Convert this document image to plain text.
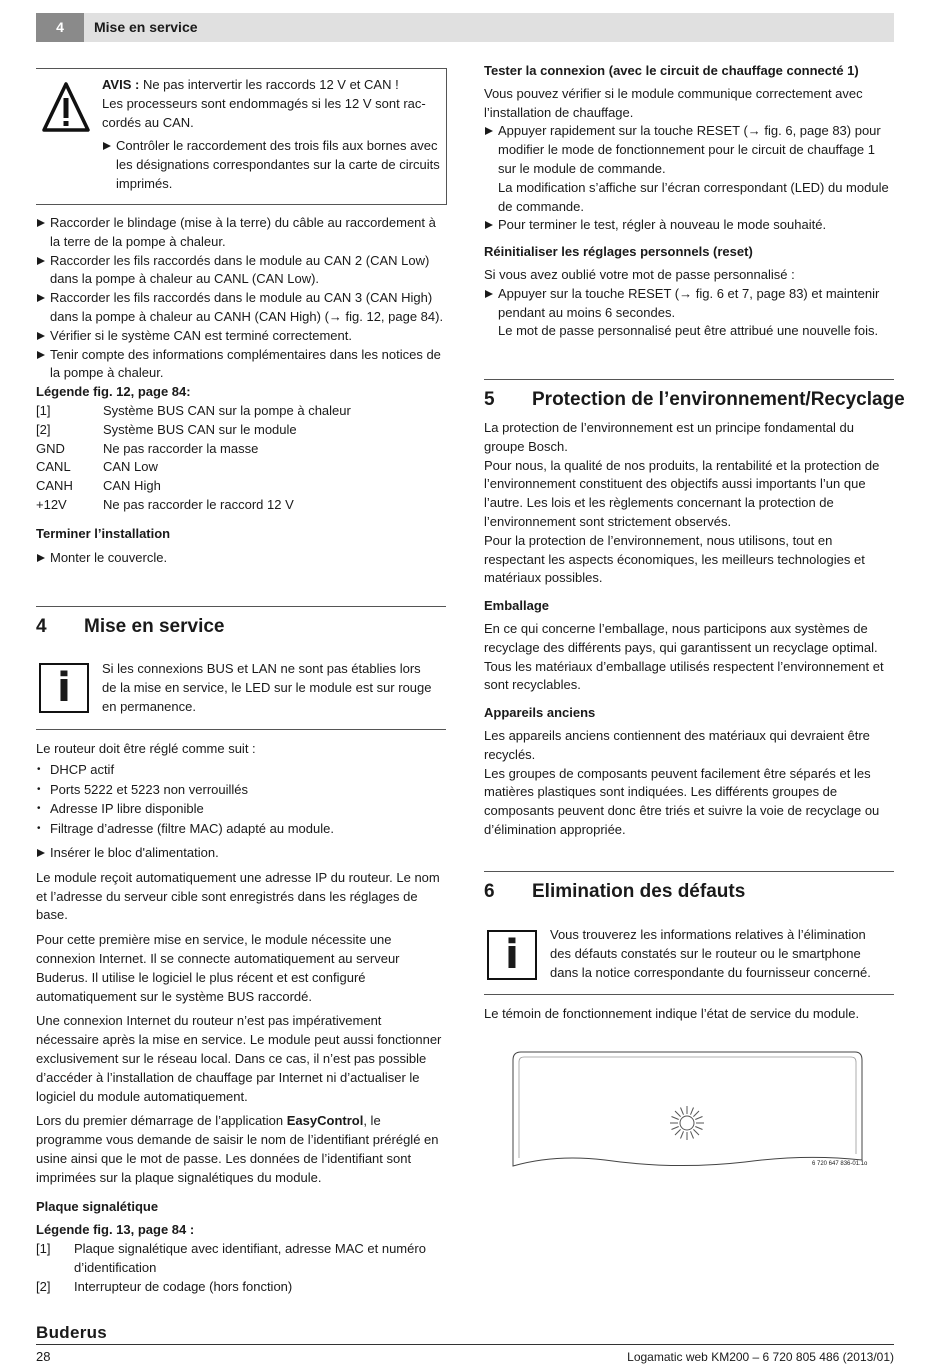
4	Mise en service

AVIS : Ne pas intervertir les raccords 12 V et CAN !

Les processeurs sont endommagés si les 12 V sont rac-

cordés au CAN.

Contrôler le raccordement des trois fils aux bornes avec les désignations correspondantes sur la carte de circuits imprimés.

Raccorder le blindage (mise à la terre) du câble au raccordement à la terre de la pompe à chaleur.

Raccorder les fils raccordés dans le module au CAN 2 (CAN Low) dans la pompe à chaleur au CANL (CAN Low).

Raccorder les fils raccordés dans le module au CAN 3 (CAN High) dans la pompe à chaleur au CANH (CAN High) (→ fig. 12, page 84).

Vérifier si le système CAN est terminé correctement.

Tenir compte des informations complémentaires dans les notices de la pompe à chaleur.

Légende fig. 12, page 84:

[1]	Système BUS CAN sur la pompe à chaleur
[2]	Système BUS CAN sur le module
GND	Ne pas raccorder la masse
CANL	CAN Low
CANH	CAN High
+12V	Ne pas raccorder le raccord 12 V

Terminer l’installation

Monter le couvercle.

4 Mise en service
i Si les connexions BUS et LAN ne sont pas établies lors de la mise en service, le LED sur le module est sur rouge en permanence.

Le routeur doit être réglé comme suit :

• DHCP actif

• Ports 5222 et 5223 non verrouillés

• Adresse IP libre disponible

• Filtrage d’adresse (filtre MAC) adapté au module.

Insérer le bloc d'alimentation.

Le module reçoit automatiquement une adresse IP du routeur. Le nom et l’adresse du serveur cible sont enregistrés dans les réglages de base.

Pour cette première mise en service, le module nécessite une connexion Internet. Il se connecte automatiquement au serveur Buderus. Il utilise le logiciel le plus récent et est configuré automatiquement sur le système BUS raccordé.

Une connexion Internet du routeur n’est pas impérativement nécessaire après la mise en service. Le module peut aussi fonctionner exclusivement sur le réseau local. Dans ce cas, il n’est pas possible d’accéder à l’installation de chauffage par Internet ni d’actualiser le logiciel du module automatiquement.

Lors du premier démarrage de l’application EasyControl, le programme vous demande de saisir le nom de l’identifiant préréglé en usine ainsi que le mot de passe. Les données de l’identifiant sont imprimées sur la plaque signalétiques du module.

Plaque signalétique

Légende fig. 13, page 84 :

[1]	Plaque signalétique avec identifiant, adresse MAC et numéro d’identification
[2]	Interrupteur de codage (hors fonction)

Tester la connexion (avec le circuit de chauffage connecté 1)

Vous pouvez vérifier si le module communique correctement avec l’installation de chauffage.

Appuyer rapidement sur la touche RESET (→ fig. 6, page 83) pour modifier le mode de fonctionnement pour le circuit de chauffage 1 sur le module de commande.

La modification s’affiche sur l’écran correspondant (LED) du module de commande.

Pour terminer le test, régler à nouveau le mode souhaité.

Réinitialiser les réglages personnels (reset)

Si vous avez oublié votre mot de passe personnalisé :

Appuyer sur la touche RESET (→ fig. 6 et 7, page 83) et maintenir pendant au moins 6 secondes.

Le mot de passe personnalisé peut être attribué une nouvelle fois.

5 Protection de l’environnement/Recyclage

La protection de l’environnement est un principe fondamental du groupe Bosch.

Pour nous, la qualité de nos produits, la rentabilité et la protection de l’environnement constituent des objectifs aussi importants l’un que l’autre. Les lois et les règlements concernant la protection de l’environnement sont strictement observés.

Pour la protection de l’environnement, nous utilisons, tout en respectant les aspects économiques, les meilleurs technologies et matériaux possibles.

Emballage

En ce qui concerne l’emballage, nous participons aux systèmes de recyclage des différents pays, qui garantissent un recyclage optimal.

Tous les matériaux d’emballage utilisés respectent l’environnement et sont recyclables.

Appareils anciens

Les appareils anciens contiennent des matériaux qui devraient être recyclés.

Les groupes de composants peuvent facilement être séparés et les matières plastiques sont indiquées. Les différents groupes de composants peuvent donc être triés et suivre la voie de recyclage ou d’élimination appropriée.

6 Elimination des défauts
i Vous trouverez les informations relatives à l’élimination des défauts constatés sur le routeur ou le smartphone dans la notice correspondante du fournisseur concerné.

Le témoin de fonctionnement indique l’état de service du module.

6 720 647 836-01.1o
Buderus
28	Logamatic web KM200 – 6 720 805 486 (2013/01)
